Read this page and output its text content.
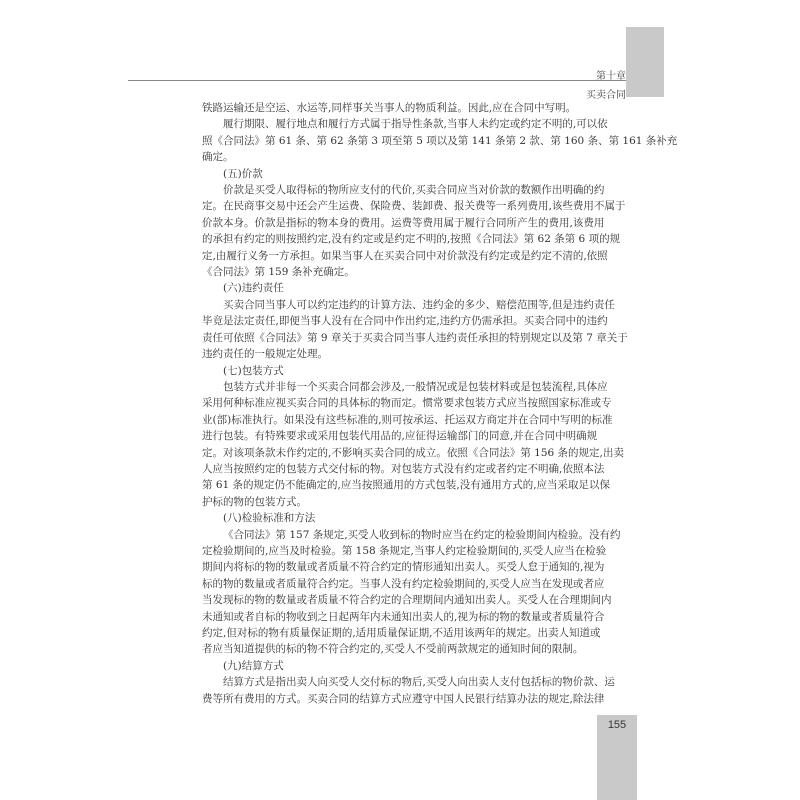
第十章
买卖合同
铁路运输还是空运、水运等,同样事关当事人的物质利益。因此,应在合同中写明。
履行期限、履行地点和履行方式属于指导性条款,当事人未约定或约定不明的,可以依
照《合同法》第 61 条、第 62 条第 3 项至第 5 项以及第 141 条第 2 款、第 160 条、第 161 条补充
确定。
(五)价款
价款是买受人取得标的物所应支付的代价,买卖合同应当对价款的数额作出明确的约
定。在民商事交易中还会产生运费、保险费、装卸费、报关费等一系列费用,该些费用不属于
价款本身。价款是指标的物本身的费用。运费等费用属于履行合同所产生的费用,该费用
的承担有约定的则按照约定,没有约定或是约定不明的,按照《合同法》第 62 条第 6 项的规
定,由履行义务一方承担。如果当事人在买卖合同中对价款没有约定或是约定不清的,依照
《合同法》第 159 条补充确定。
(六)违约责任
买卖合同当事人可以约定违约的计算方法、违约金的多少、赔偿范围等,但是违约责任
毕竟是法定责任,即便当事人没有在合同中作出约定,违约方仍需承担。买卖合同中的违约
责任可依照《合同法》第 9 章关于买卖合同当事人违约责任承担的特别规定以及第 7 章关于
违约责任的一般规定处理。
(七)包装方式
包装方式并非每一个买卖合同都会涉及,一般情况或是包装材料或是包装流程,具体应
采用何种标准应视买卖合同的具体标的物而定。惯常要求包装方式应当按照国家标准或专
业(部)标准执行。如果没有这些标准的,则可按承运、托运双方商定并在合同中写明的标准
进行包装。有特殊要求或采用包装代用品的,应征得运输部门的同意,并在合同中明确规
定。对该项条款未作约定的,不影响买卖合同的成立。依照《合同法》第 156 条的规定,出卖
人应当按照约定的包装方式交付标的物。对包装方式没有约定或者约定不明确,依照本法
第 61 条的规定仍不能确定的,应当按照通用的方式包装,没有通用方式的,应当采取足以保
护标的物的包装方式。
(八)检验标准和方法
《合同法》第 157 条规定,买受人收到标的物时应当在约定的检验期间内检验。没有约
定检验期间的,应当及时检验。第 158 条规定,当事人约定检验期间的,买受人应当在检验
期间内将标的物的数量或者质量不符合约定的情形通知出卖人。买受人怠于通知的,视为
标的物的数量或者质量符合约定。当事人没有约定检验期间的,买受人应当在发现或者应
当发现标的物的数量或者质量不符合约定的合理期间内通知出卖人。买受人在合理期间内
未通知或者自标的物收到之日起两年内未通知出卖人的,视为标的物的数量或者质量符合
约定,但对标的物有质量保证期的,适用质量保证期,不适用该两年的规定。出卖人知道或
者应当知道提供的标的物不符合约定的,买受人不受前两款规定的通知时间的限制。
(九)结算方式
结算方式是指出卖人向买受人交付标的物后,买受人向出卖人支付包括标的物价款、运
费等所有费用的方式。买卖合同的结算方式应遵守中国人民银行结算办法的规定,除法律
155
